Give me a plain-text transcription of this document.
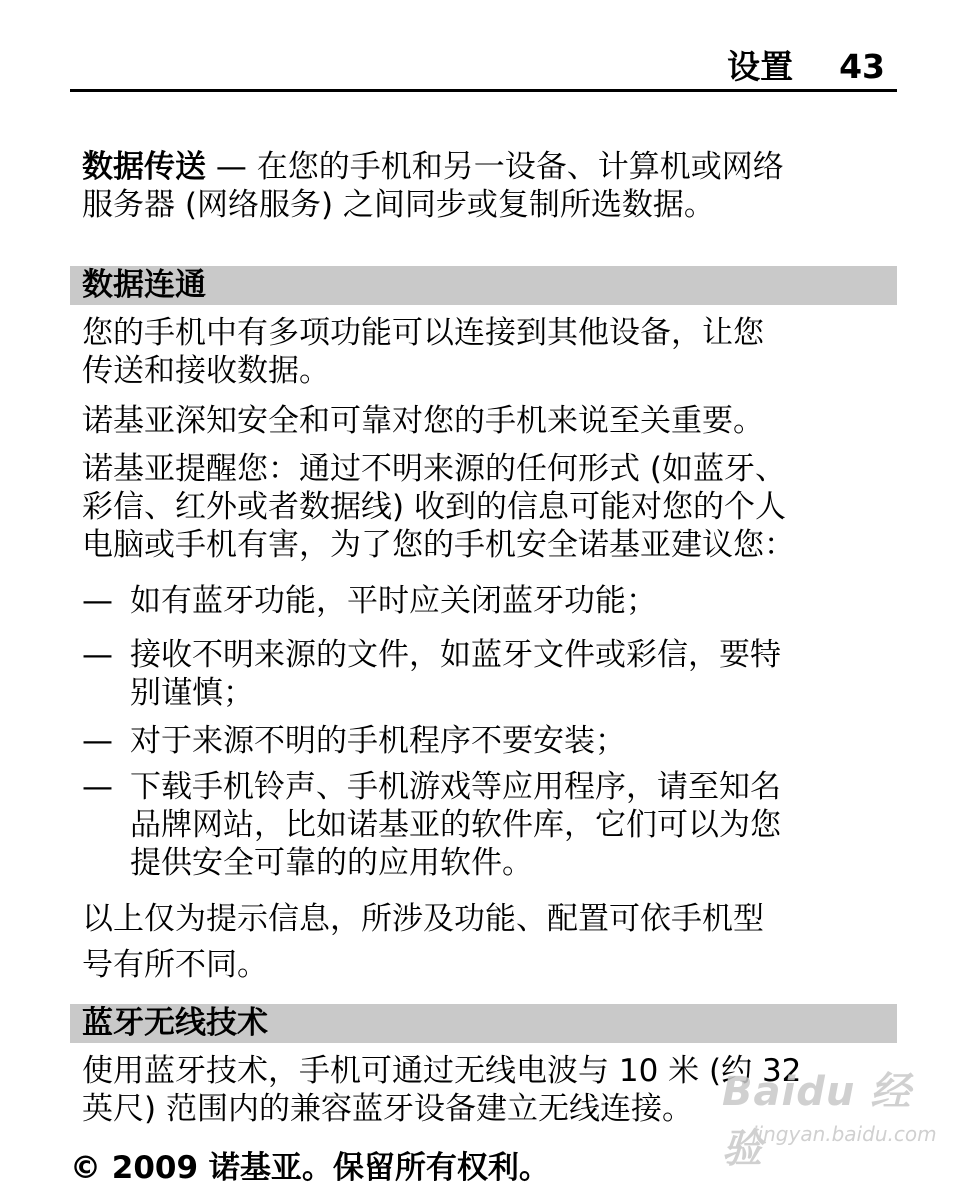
设置 43

数据传送 — 在您的手机和另一设备、计算机或网络
服务器 (网络服务) 之间同步或复制所选数据。

数据连通

您的手机中有多项功能可以连接到其他设备，让您
传送和接收数据。

诺基亚深知安全和可靠对您的手机来说至关重要。

诺基亚提醒您：通过不明来源的任何形式 (如蓝牙、
彩信、红外或者数据线) 收到的信息可能对您的个人
电脑或手机有害，为了您的手机安全诺基亚建议您：

— 如有蓝牙功能，平时应关闭蓝牙功能；
— 接收不明来源的文件，如蓝牙文件或彩信，要特
别谨慎；
— 对于来源不明的手机程序不要安装；
— 下载手机铃声、手机游戏等应用程序，请至知名
品牌网站，比如诺基亚的软件库，它们可以为您
提供安全可靠的的应用软件。

以上仅为提示信息，所涉及功能、配置可依手机型
号有所不同。

蓝牙无线技术

使用蓝牙技术，手机可通过无线电波与 10 米 (约 32
英尺) 范围内的兼容蓝牙设备建立无线连接。 Baidu 经验
jingyan.baidu.com
© 2009 诺基亚。保留所有权利。
